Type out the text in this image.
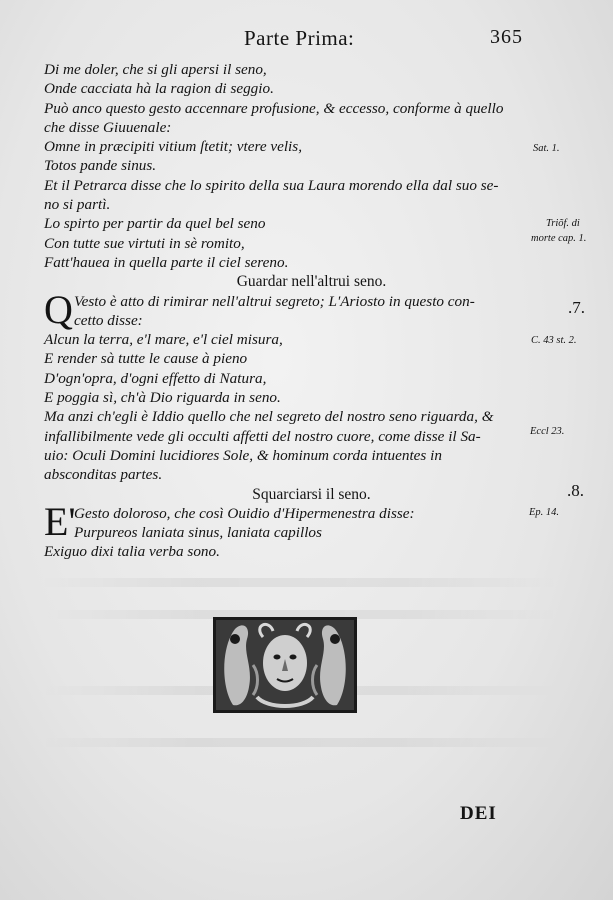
Parte Prima:	365
Di me doler, che si gli apersi il seno,
Onde cacciata hà la ragion di seggio.
Può anco questo gesto accennare profusione, & eccesso, conforme à quello
che disse Giuuenale:
Omne in præcipiti vitium ſtetit; vtere velis,
Totos pande sinus.
Et il Petrarca disse che lo spirito della sua Laura morendo ella dal suo se-
no si partì.
Lo spirto per partir da quel bel seno
Con tutte sue virtuti in sè romito,
Fatt'hauea in quella parte il ciel sereno.
Guardar nell'altrui seno.
Q Vesto è atto di rimirar nell'altrui segreto; L'Ariosto in questo con-
cetto disse:
Alcun la terra, e'l mare, e'l ciel misura,
E render sà tutte le cause à pieno
D'ogn'opra, d'ogni effetto di Natura,
E poggia sì, ch'à Dio riguarda in seno.
Ma anzi ch'egli è Iddio quello che nel segreto del nostro seno riguarda, &
infallibilmente vede gli occulti affetti del nostro cuore, come disse il Sa-
uio: Oculi Domini lucidiores Sole, & hominum corda intuentes in absconditas partes.
Squarciarsi il seno.
E'
Gesto doloroso, che così Ouidio d'Hipermenestra disse:
Purpureos laniata sinus, laniata capillos
Exiguo dixi talia verba sono.
Sat. 1.
Triõf. di
morte cap. 1.
.7.
C. 43 st. 2.
Eccl 23.
.8.
Ep. 14.
DEI
